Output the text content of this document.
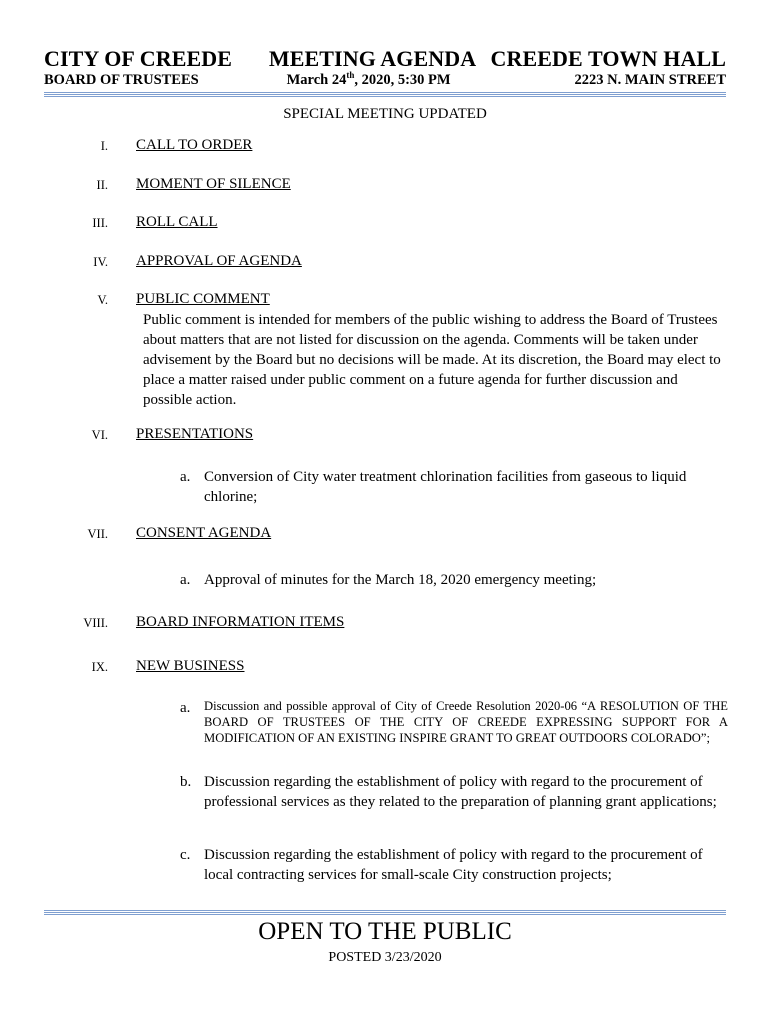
CITY OF CREEDE MEETING AGENDA CREEDE TOWN HALL
BOARD OF TRUSTEES	March 24th, 2020, 5:30 PM	2223 N. MAIN STREET
SPECIAL MEETING UPDATED
I. CALL TO ORDER
II. MOMENT OF SILENCE
III. ROLL CALL
IV. APPROVAL OF AGENDA
V. PUBLIC COMMENT
Public comment is intended for members of the public wishing to address the Board of Trustees about matters that are not listed for discussion on the agenda. Comments will be taken under advisement by the Board but no decisions will be made. At its discretion, the Board may elect to place a matter raised under public comment on a future agenda for further discussion and possible action.
VI. PRESENTATIONS
a. Conversion of City water treatment chlorination facilities from gaseous to liquid chlorine;
VII. CONSENT AGENDA
a. Approval of minutes for the March 18, 2020 emergency meeting;
VIII. BOARD INFORMATION ITEMS
IX. NEW BUSINESS
a. Discussion and possible approval of City of Creede Resolution 2020-06 “A RESOLUTION OF THE BOARD OF TRUSTEES OF THE CITY OF CREEDE EXPRESSING SUPPORT FOR A MODIFICATION OF AN EXISTING INSPIRE GRANT TO GREAT OUTDOORS COLORADO”;
b. Discussion regarding the establishment of policy with regard to the procurement of professional services as they related to the preparation of planning grant applications;
c. Discussion regarding the establishment of policy with regard to the procurement of local contracting services for small-scale City construction projects;
OPEN TO THE PUBLIC
POSTED 3/23/2020
